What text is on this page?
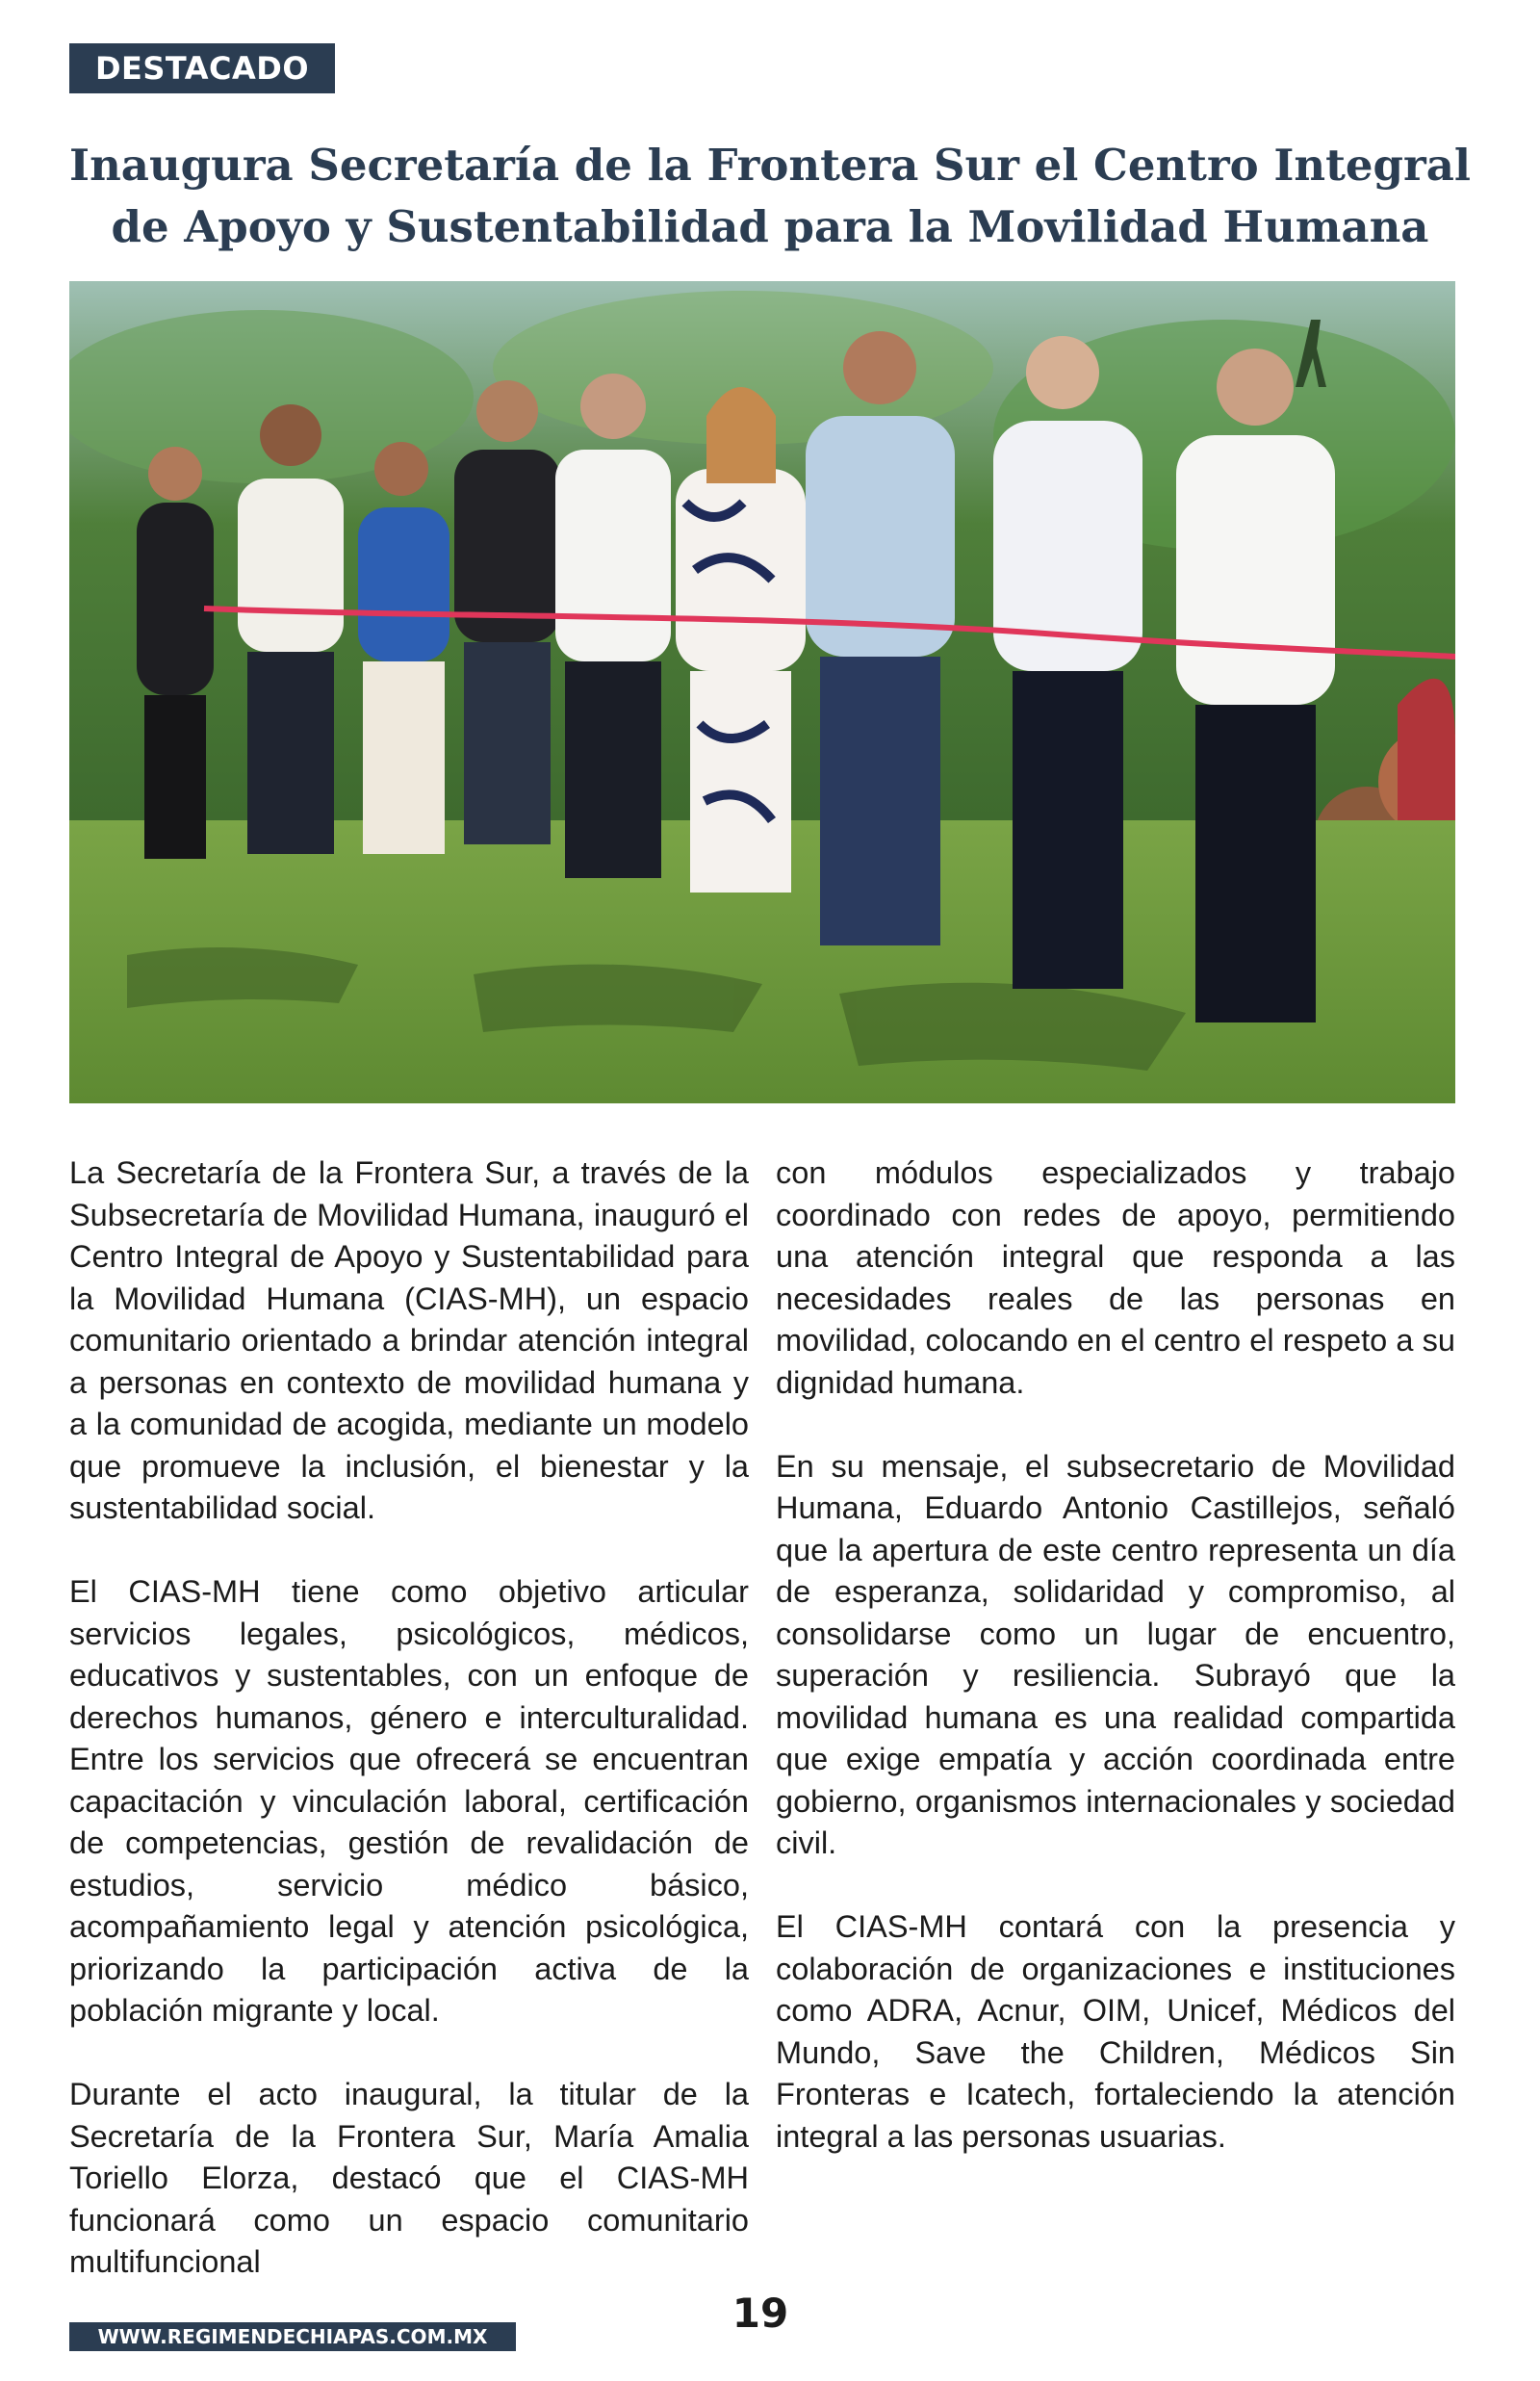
DESTACADO
Inaugura Secretaría de la Frontera Sur el Centro Integral de Apoyo y Sustentabilidad para la Movilidad Humana

La Secretaría de la Frontera Sur, a través de la Subsecretaría de Movilidad Humana, inauguró el Centro Integral de Apoyo y Sustentabilidad para la Movilidad Humana (CIAS-MH), un espacio comunitario orientado a brindar atención integral a personas en contexto de movilidad humana y a la comunidad de acogida, mediante un modelo que promueve la inclusión, el bienestar y la sustentabilidad social.

El CIAS-MH tiene como objetivo articular servicios legales, psicológicos, médicos, educativos y sustentables, con un enfoque de derechos humanos, género e interculturalidad. Entre los servicios que ofrecerá se encuentran capacitación y vinculación laboral, certificación de competencias, gestión de revalidación de estudios, servicio médico básico, acompañamiento legal y atención psicológica, priorizando la participación activa de la población migrante y local.

Durante el acto inaugural, la titular de la Secretaría de la Frontera Sur, María Amalia Toriello Elorza, destacó que el CIAS-MH funcionará como un espacio comunitario multifuncional

con módulos especializados y trabajo coordinado con redes de apoyo, permitiendo una atención integral que responda a las necesidades reales de las personas en movilidad, colocando en el centro el respeto a su dignidad humana.

En su mensaje, el subsecretario de Movilidad Humana, Eduardo Antonio Castillejos, señaló que la apertura de este centro representa un día de esperanza, solidaridad y compromiso, al consolidarse como un lugar de encuentro, superación y resiliencia. Subrayó que la movilidad humana es una realidad compartida que exige empatía y acción coordinada entre gobierno, organismos internacionales y sociedad civil.

El CIAS-MH contará con la presencia y colaboración de organizaciones e instituciones como ADRA, Acnur, OIM, Unicef, Médicos del Mundo, Save the Children, Médicos Sin Fronteras e Icatech, fortaleciendo la atención integral a las personas usuarias.

WWW.REGIMENDECHIAPAS.COM.MX	19
